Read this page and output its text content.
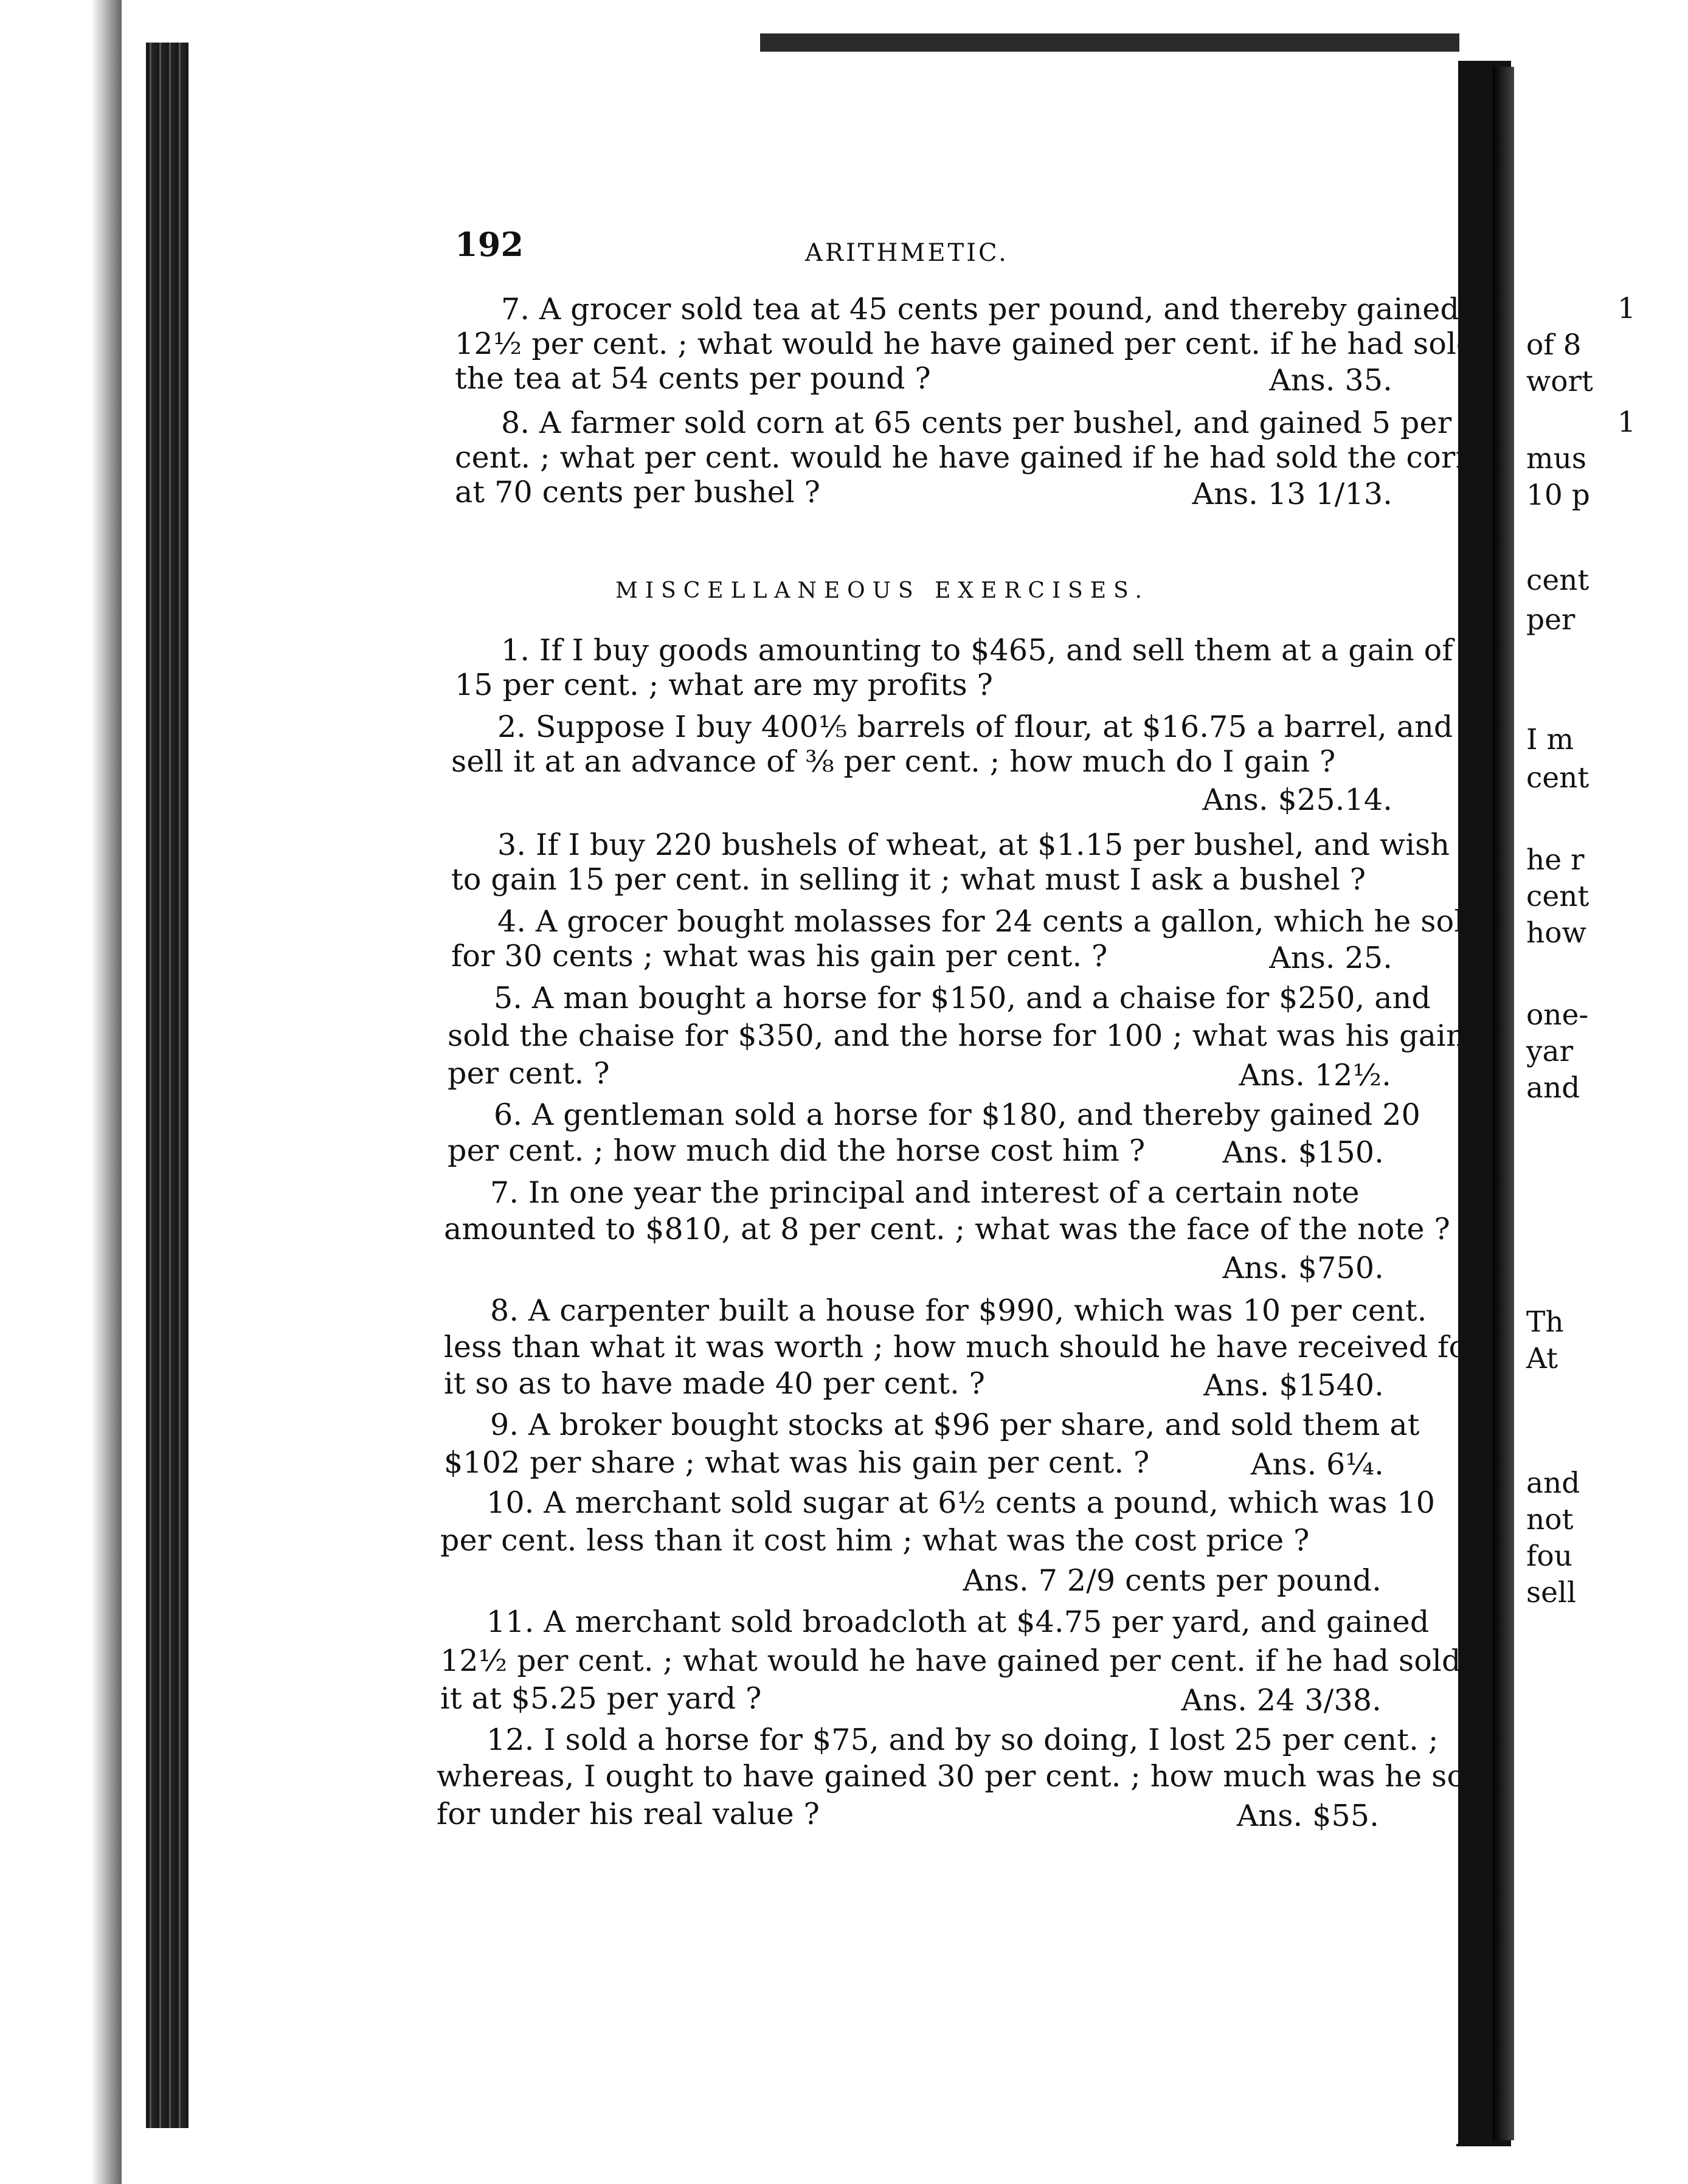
192	ARITHMETIC.
7. A grocer sold tea at 45 cents per pound, and thereby gained
12½ per cent. ; what would he have gained per cent. if he had sold
the tea at 54 cents per pound ?	Ans. 35.
8. A farmer sold corn at 65 cents per bushel, and gained 5 per
cent. ; what per cent. would he have gained if he had sold the corn
at 70 cents per bushel ?	Ans. 13 1/13.
MISCELLANEOUS EXERCISES.
1. If I buy goods amounting to $465, and sell them at a gain of
15 per cent. ; what are my profits ?
2. Suppose I buy 400⅕ barrels of flour, at $16.75 a barrel, and
sell it at an advance of ⅜ per cent. ; how much do I gain ?
Ans. $25.14.
3. If I buy 220 bushels of wheat, at $1.15 per bushel, and wish
to gain 15 per cent. in selling it ; what must I ask a bushel ?
4. A grocer bought molasses for 24 cents a gallon, which he sold
for 30 cents ; what was his gain per cent. ?	Ans. 25.
5. A man bought a horse for $150, and a chaise for $250, and
sold the chaise for $350, and the horse for 100 ; what was his gain
per cent. ?	Ans. 12½.
6. A gentleman sold a horse for $180, and thereby gained 20
per cent. ; how much did the horse cost him ?	Ans. $150.
7. In one year the principal and interest of a certain note
amounted to $810, at 8 per cent. ; what was the face of the note ?
Ans. $750.
8. A carpenter built a house for $990, which was 10 per cent.
less than what it was worth ; how much should he have received for
it so as to have made 40 per cent. ?	Ans. $1540.
9. A broker bought stocks at $96 per share, and sold them at
$102 per share ; what was his gain per cent. ?	Ans. 6¼.
10. A merchant sold sugar at 6½ cents a pound, which was 10
per cent. less than it cost him ; what was the cost price ?
Ans. 7 2/9 cents per pound.
11. A merchant sold broadcloth at $4.75 per yard, and gained
12½ per cent. ; what would he have gained per cent. if he had sold
it at $5.25 per yard ?	Ans. 24 3/38.
12. I sold a horse for $75, and by so doing, I lost 25 per cent. ;
whereas, I ought to have gained 30 per cent. ; how much was he sold
for under his real value ?	Ans. $55.
1
of 8
wort
1
mus
10 p
cent
per
I m
cent
he r
cent
how
one-
yar
and
Th
At
and
not
fou
sell
